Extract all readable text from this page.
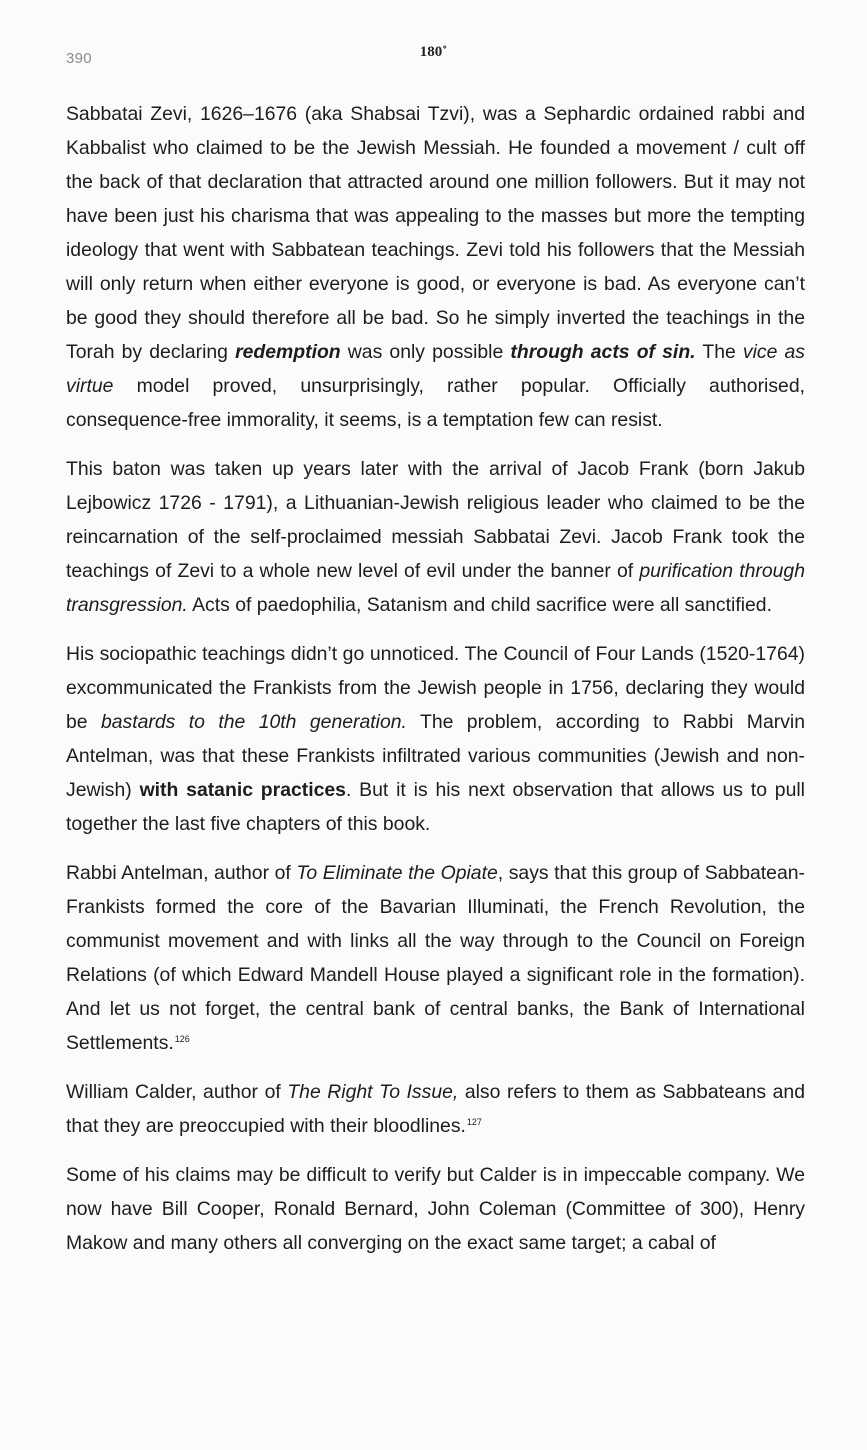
390	180˚

Sabbatai Zevi, 1626–1676 (aka Shabsai Tzvi), was a Sephardic ordained rabbi and Kabbalist who claimed to be the Jewish Messiah. He founded a movement / cult off the back of that declaration that attracted around one million followers. But it may not have been just his charisma that was appealing to the masses but more the tempting ideology that went with Sabbatean teachings. Zevi told his followers that the Messiah will only return when either everyone is good, or everyone is bad. As everyone can’t be good they should therefore all be bad. So he simply inverted the teachings in the Torah by declaring redemption was only possible through acts of sin. The vice as virtue model proved, unsurprisingly, rather popular. Officially authorised, consequence-free immorality, it seems, is a temptation few can resist.

This baton was taken up years later with the arrival of Jacob Frank (born Jakub Lejbowicz 1726 - 1791), a Lithuanian-Jewish religious leader who claimed to be the reincarnation of the self-proclaimed messiah Sabbatai Zevi. Jacob Frank took the teachings of Zevi to a whole new level of evil under the banner of purification through transgression. Acts of paedophilia, Satanism and child sacrifice were all sanctified.

His sociopathic teachings didn’t go unnoticed. The Council of Four Lands (1520-1764) excommunicated the Frankists from the Jewish people in 1756, declaring they would be bastards to the 10th generation. The problem, according to Rabbi Marvin Antelman, was that these Frankists infiltrated various communities (Jewish and non-Jewish) with satanic practices. But it is his next observation that allows us to pull together the last five chapters of this book.

Rabbi Antelman, author of To Eliminate the Opiate, says that this group of Sabbatean-Frankists formed the core of the Bavarian Illuminati, the French Revolution, the communist movement and with links all the way through to the Council on Foreign Relations (of which Edward Mandell House played a significant role in the formation). And let us not forget, the central bank of central banks, the Bank of International Settlements.$^{126}$

William Calder, author of The Right To Issue, also refers to them as Sabbateans and that they are preoccupied with their bloodlines.$^{127}$

Some of his claims may be difficult to verify but Calder is in impeccable company. We now have Bill Cooper, Ronald Bernard, John Coleman (Committee of 300), Henry Makow and many others all converging on the exact same target; a cabal of
